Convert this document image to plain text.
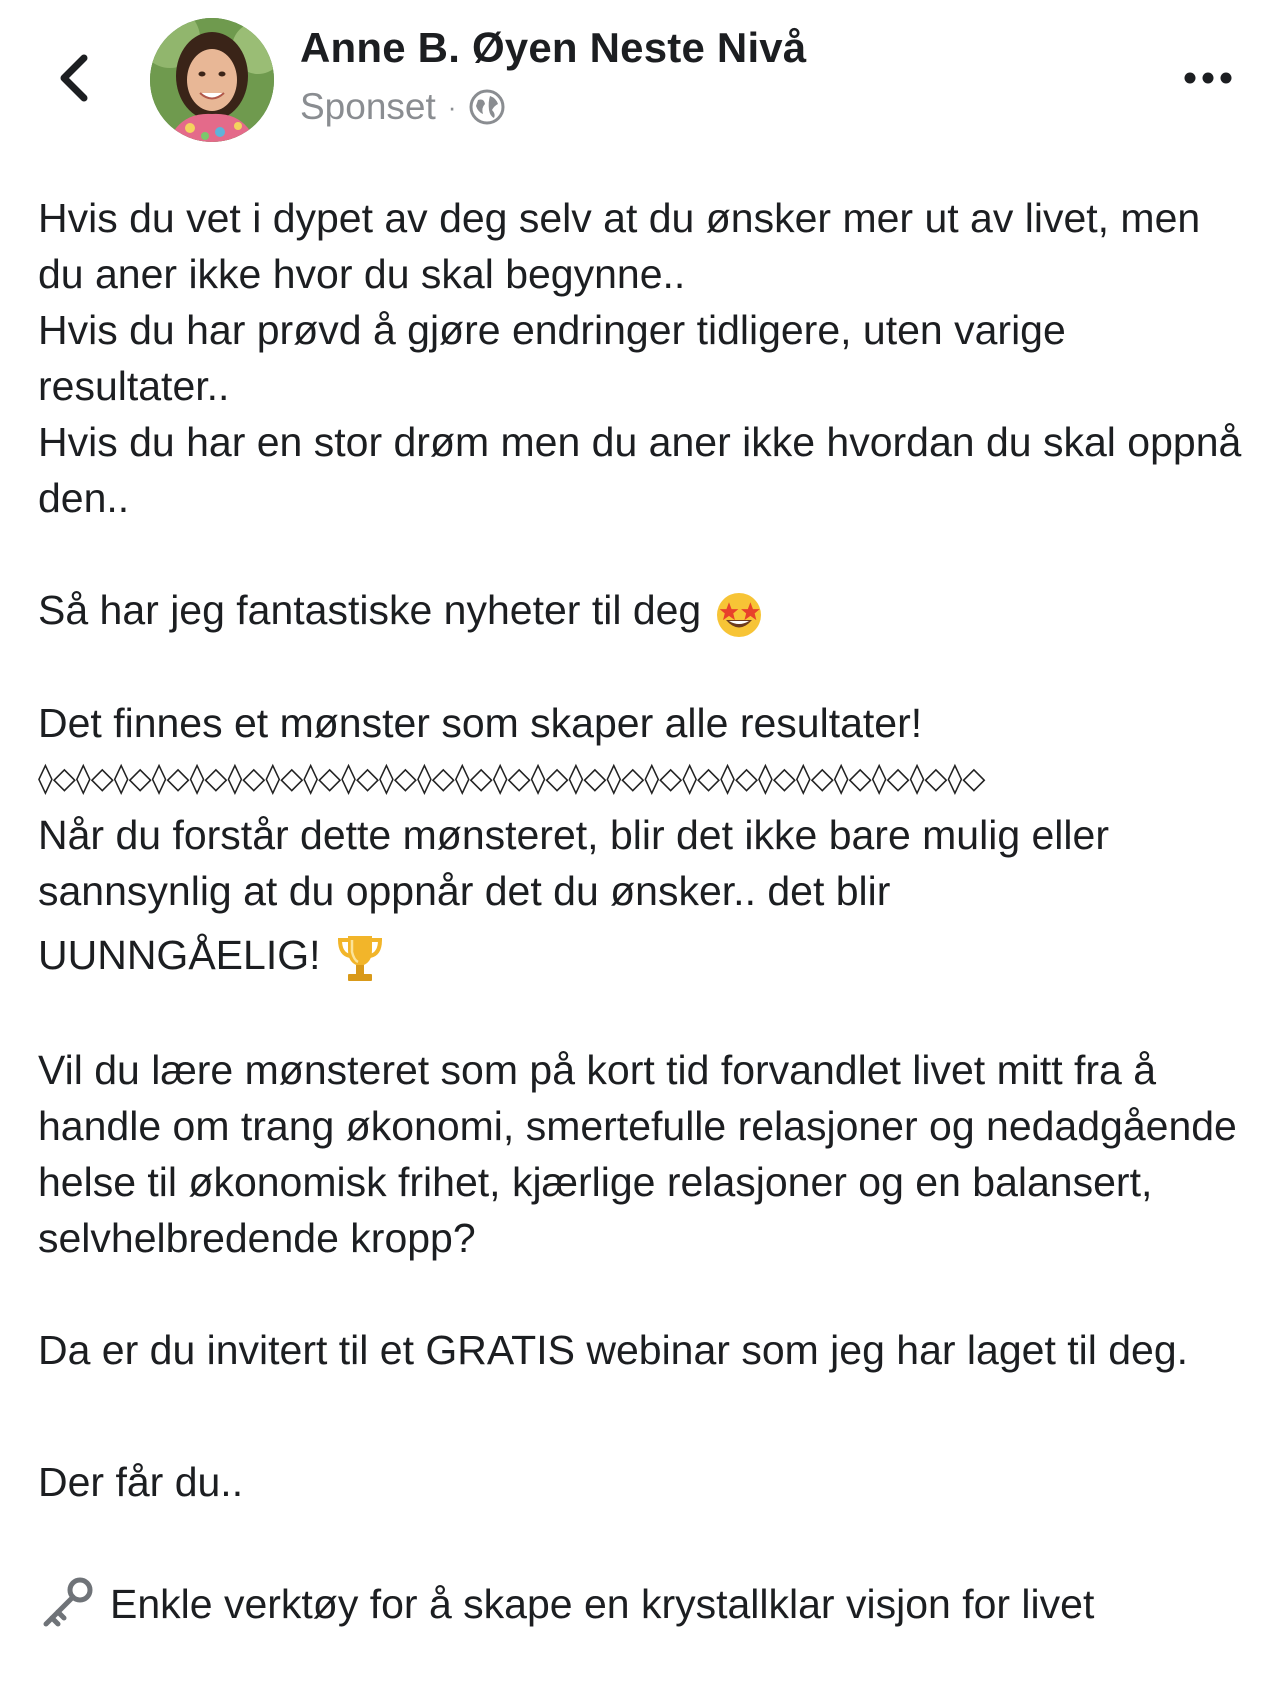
Anne B. Øyen Neste Nivå
Sponset ·

Hvis du vet i dypet av deg selv at du ønsker mer ut av livet, men du aner ikke hvor du skal begynne..

Hvis du har prøvd å gjøre endringer tidligere, uten varige resultater..

Hvis du har en stor drøm men du aner ikke hvordan du skal oppnå den..

Så har jeg fantastiske nyheter til deg

Det finnes et mønster som skaper alle resultater!

◊◇◊◇◊◇◊◇◊◇◊◇◊◇◊◇◊◇◊◇◊◇◊◇◊◇◊◇◊◇◊◇◊◇◊◇◊◇◊◇◊◇◊◇◊◇◊◇◊◇

Når du forstår dette mønsteret, blir det ikke bare mulig eller sannsynlig at du oppnår det du ønsker.. det blir

UUNNGÅELIG!

Vil du lære mønsteret som på kort tid forvandlet livet mitt fra å handle om trang økonomi, smertefulle relasjoner og nedadgående helse til økonomisk frihet, kjærlige relasjoner og en balansert, selvhelbredende kropp?

Da er du invitert til et GRATIS webinar som jeg har laget til deg.

Der får du..

Enkle verktøy for å skape en krystallklar visjon for livet
